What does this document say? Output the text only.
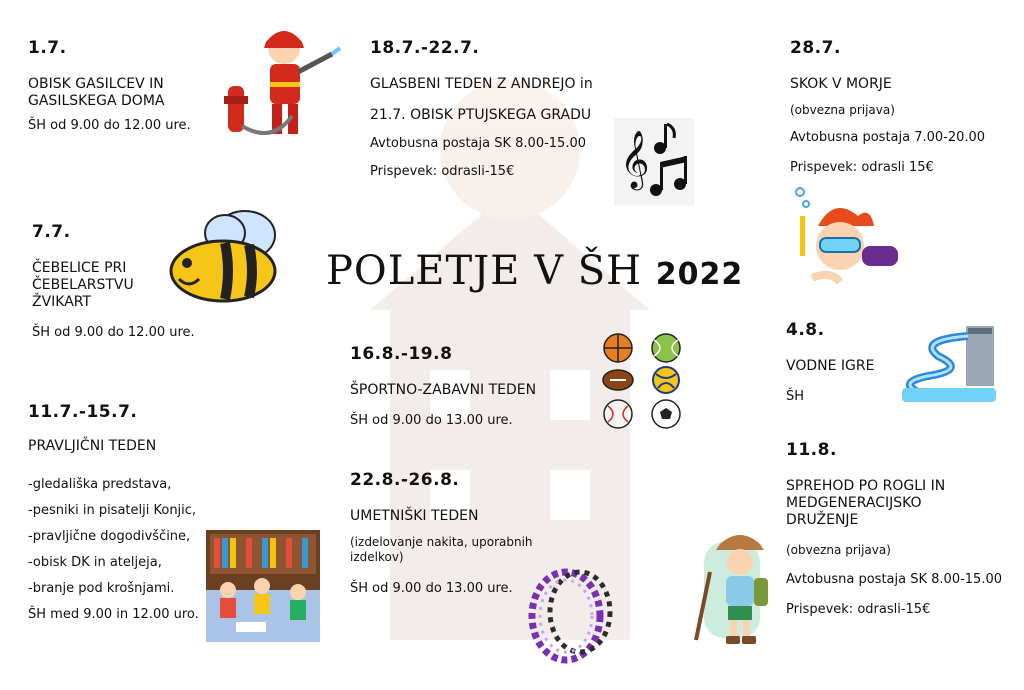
POLETJE V ŠH 2022
1.7.
OBISK GASILCEV IN GASILSKEGA DOMA
ŠH od 9.00 do 12.00 ure.
7.7.
ČEBELICE PRI ČEBELARSTVU ŽVIKART
ŠH od 9.00 do 12.00 ure.
11.7.-15.7.
PRAVLJIČNI TEDEN
-gledališka predstava,
-pesniki in pisatelji Konjic,
-pravljične dogodivščine,
-obisk DK in ateljeja,
-branje pod krošnjami.
ŠH med 9.00 in 12.00 uro.
18.7.-22.7.
GLASBENI TEDEN Z ANDREJO in
21.7. OBISK PTUJSKEGA GRADU
Avtobusna postaja SK 8.00-15.00
Prispevek: odrasli-15€	𝄞
16.8.-19.8
ŠPORTNO-ZABAVNI TEDEN
ŠH od 9.00 do 13.00 ure.
22.8.-26.8.
UMETNIŠKI TEDEN
(izdelovanje nakita, uporabnih izdelkov)
ŠH od 9.00 do 13.00 ure.
28.7.
SKOK V MORJE
(obvezna prijava)
Avtobusna postaja 7.00-20.00
Prispevek: odrasli 15€
4.8.
VODNE IGRE
ŠH
11.8.
SPREHOD PO ROGLI IN MEDGENERACIJSKO DRUŽENJE
(obvezna prijava)
Avtobusna postaja SK 8.00-15.00
Prispevek: odrasli-15€
